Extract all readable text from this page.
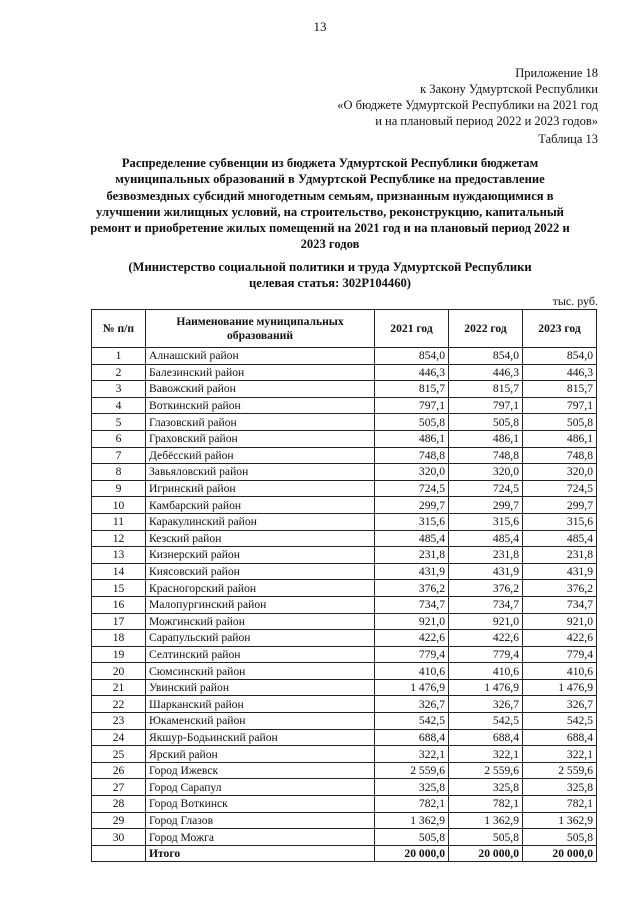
13
Приложение 18
к Закону Удмуртской Республики
«О бюджете Удмуртской Республики на 2021 год
и на плановый период 2022 и 2023 годов»
Таблица 13
Распределение субвенции из бюджета Удмуртской Республики бюджетам
муниципальных образований в Удмуртской Республике на предоставление
безвозмездных субсидий многодетным семьям, признанным нуждающимися в
улучшении жилищных условий, на строительство, реконструкцию, капитальный
ремонт и приобретение жилых помещений на 2021 год и на плановый период 2022 и
2023 годов
(Министерство социальной политики и труда Удмуртской Республики
целевая статья: 302Р104460)
тыс. руб.
№ п/п	Наименование муниципальных образований	2021 год	2022 год	2023 год
1	Алнашский район	854,0	854,0	854,0
2	Балезинский район	446,3	446,3	446,3
3	Вавожский район	815,7	815,7	815,7
4	Воткинский район	797,1	797,1	797,1
5	Глазовский район	505,8	505,8	505,8
6	Граховский район	486,1	486,1	486,1
7	Дебёсский район	748,8	748,8	748,8
8	Завьяловский район	320,0	320,0	320,0
9	Игринский район	724,5	724,5	724,5
10	Камбарский район	299,7	299,7	299,7
11	Каракулинский район	315,6	315,6	315,6
12	Кезский район	485,4	485,4	485,4
13	Кизнерский район	231,8	231,8	231,8
14	Киясовский район	431,9	431,9	431,9
15	Красногорский район	376,2	376,2	376,2
16	Малопургинский район	734,7	734,7	734,7
17	Можгинский район	921,0	921,0	921,0
18	Сарапульский район	422,6	422,6	422,6
19	Селтинский район	779,4	779,4	779,4
20	Сюмсинский район	410,6	410,6	410,6
21	Увинский район	1 476,9	1 476,9	1 476,9
22	Шарканский район	326,7	326,7	326,7
23	Юкаменский район	542,5	542,5	542,5
24	Якшур-Бодьинский район	688,4	688,4	688,4
25	Ярский район	322,1	322,1	322,1
26	Город Ижевск	2 559,6	2 559,6	2 559,6
27	Город Сарапул	325,8	325,8	325,8
28	Город Воткинск	782,1	782,1	782,1
29	Город Глазов	1 362,9	1 362,9	1 362,9
30	Город Можга	505,8	505,8	505,8
	Итого	20 000,0	20 000,0	20 000,0
